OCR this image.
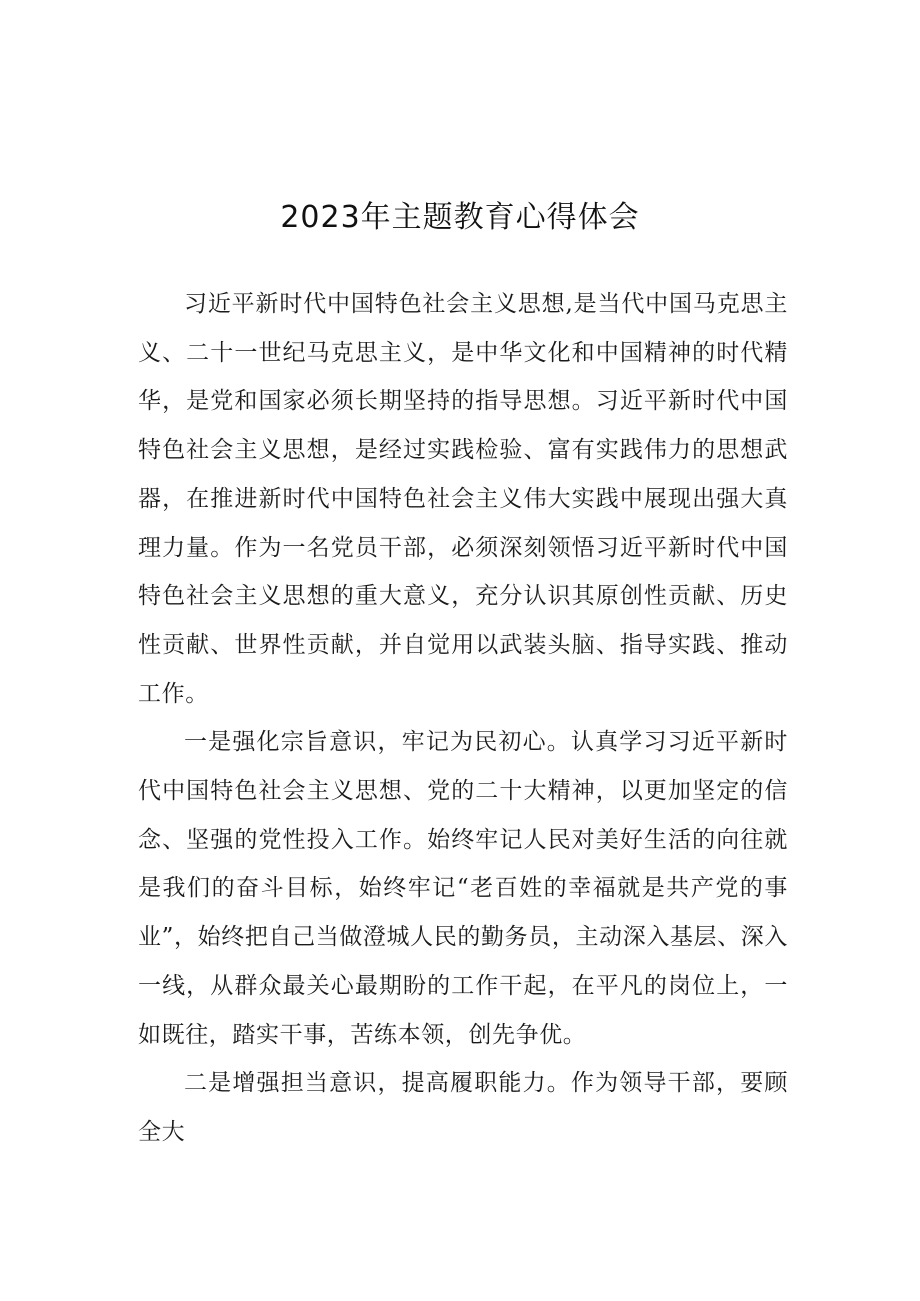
2023年主题教育心得体会

习近平新时代中国特色社会主义思想,是当代中国马克思主义、二十一世纪马克思主义，是中华文化和中国精神的时代精华，是党和国家必须长期坚持的指导思想。习近平新时代中国特色社会主义思想，是经过实践检验、富有实践伟力的思想武器，在推进新时代中国特色社会主义伟大实践中展现出强大真理力量。作为一名党员干部，必须深刻领悟习近平新时代中国特色社会主义思想的重大意义，充分认识其原创性贡献、历史性贡献、世界性贡献，并自觉用以武装头脑、指导实践、推动工作。

一是强化宗旨意识，牢记为民初心。认真学习习近平新时代中国特色社会主义思想、党的二十大精神，以更加坚定的信念、坚强的党性投入工作。始终牢记人民对美好生活的向往就是我们的奋斗目标，始终牢记“老百姓的幸福就是共产党的事业”，始终把自己当做澄城人民的勤务员，主动深入基层、深入一线，从群众最关心最期盼的工作干起，在平凡的岗位上，一如既往，踏实干事，苦练本领，创先争优。

二是增强担当意识，提高履职能力。作为领导干部，要顾全大
